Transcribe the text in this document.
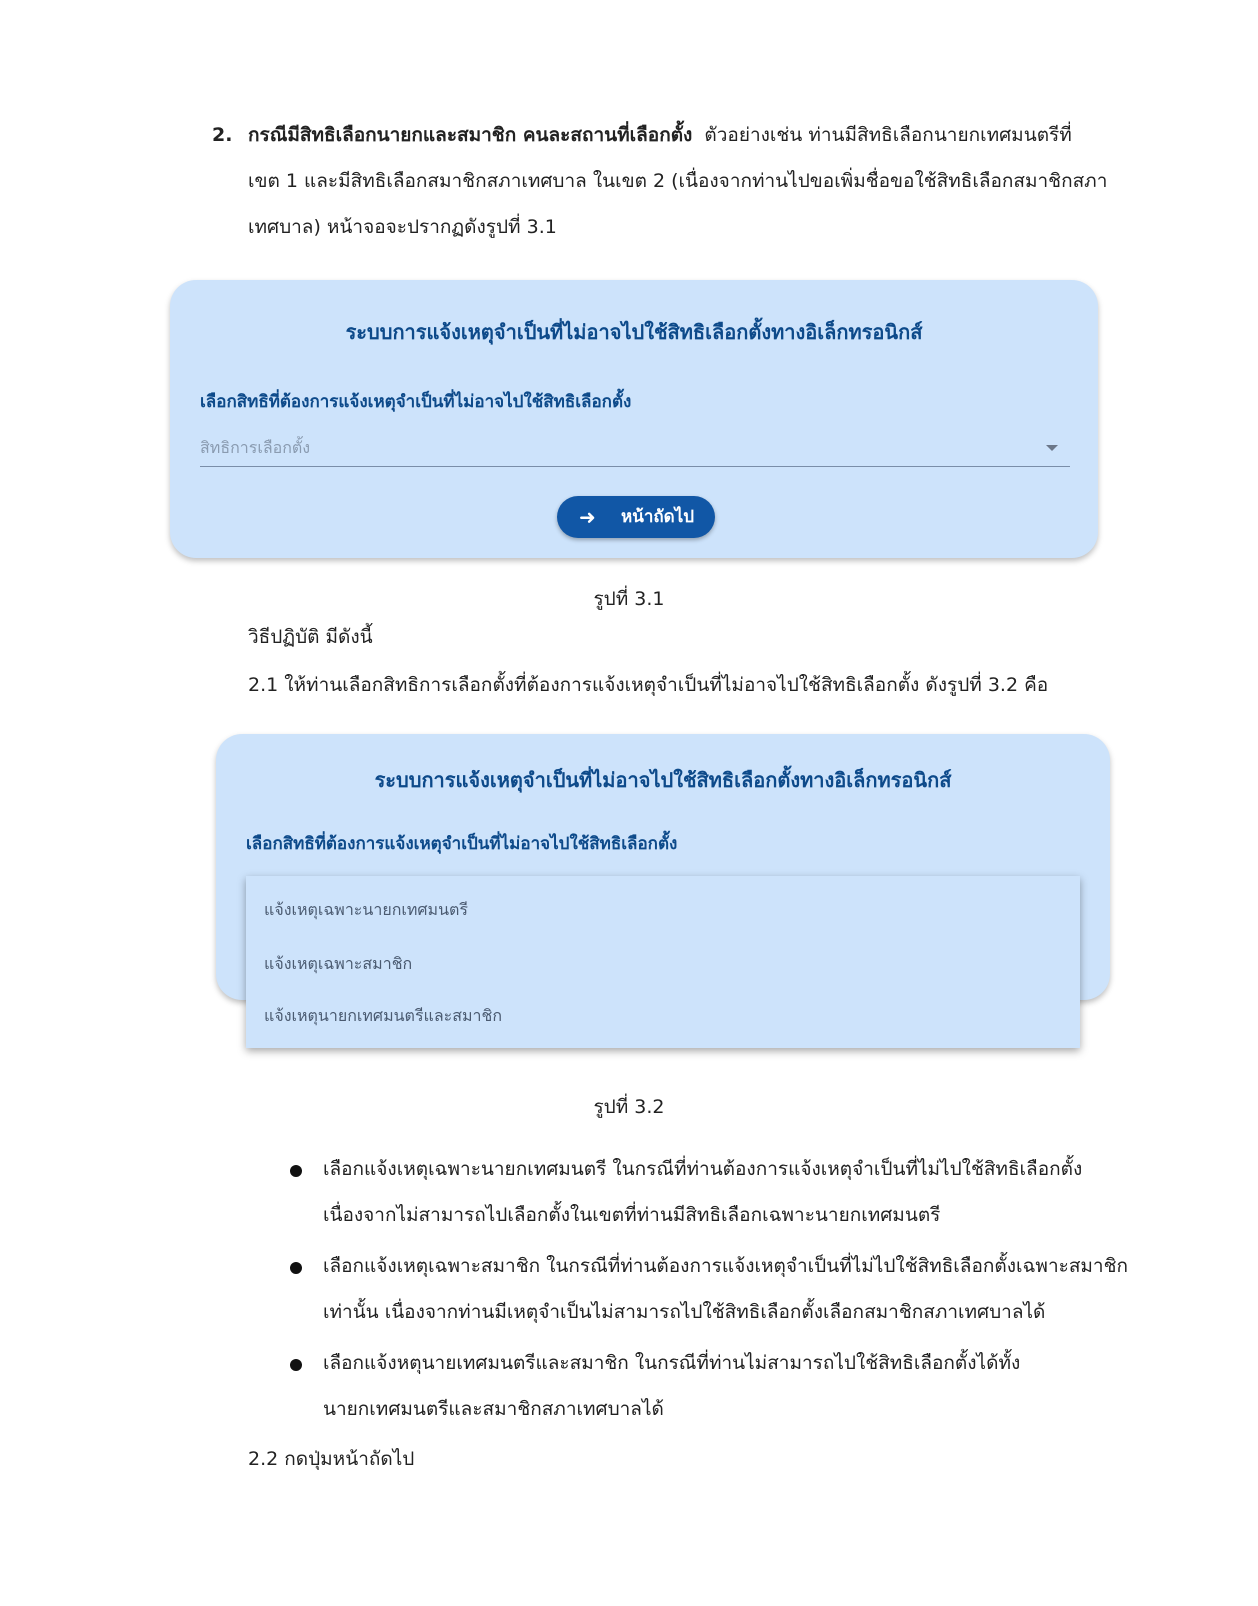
2. กรณีมีสิทธิเลือกนายกและสมาชิก คนละสถานที่เลือกตั้ง ตัวอย่างเช่น ท่านมีสิทธิเลือกนายกเทศมนตรีที่
เขต 1 และมีสิทธิเลือกสมาชิกสภาเทศบาล ในเขต 2 (เนื่องจากท่านไปขอเพิ่มชื่อขอใช้สิทธิเลือกสมาชิกสภา
เทศบาล) หน้าจอจะปรากฏดังรูปที่ 3.1
ระบบการแจ้งเหตุจำเป็นที่ไม่อาจไปใช้สิทธิเลือกตั้งทางอิเล็กทรอนิกส์
เลือกสิทธิที่ต้องการแจ้งเหตุจำเป็นที่ไม่อาจไปใช้สิทธิเลือกตั้ง
สิทธิการเลือกตั้ง
➜ หน้าถัดไป
รูปที่ 3.1
วิธีปฏิบัติ มีดังนี้
2.1 ให้ท่านเลือกสิทธิการเลือกตั้งที่ต้องการแจ้งเหตุจำเป็นที่ไม่อาจไปใช้สิทธิเลือกตั้ง ดังรูปที่ 3.2 คือ
ระบบการแจ้งเหตุจำเป็นที่ไม่อาจไปใช้สิทธิเลือกตั้งทางอิเล็กทรอนิกส์
เลือกสิทธิที่ต้องการแจ้งเหตุจำเป็นที่ไม่อาจไปใช้สิทธิเลือกตั้ง
แจ้งเหตุเฉพาะนายกเทศมนตรี
แจ้งเหตุเฉพาะสมาชิก
แจ้งเหตุนายกเทศมนตรีและสมาชิก
รูปที่ 3.2
เลือกแจ้งเหตุเฉพาะนายกเทศมนตรี ในกรณีที่ท่านต้องการแจ้งเหตุจำเป็นที่ไม่ไปใช้สิทธิเลือกตั้ง
เนื่องจากไม่สามารถไปเลือกตั้งในเขตที่ท่านมีสิทธิเลือกเฉพาะนายกเทศมนตรี
เลือกแจ้งเหตุเฉพาะสมาชิก ในกรณีที่ท่านต้องการแจ้งเหตุจำเป็นที่ไม่ไปใช้สิทธิเลือกตั้งเฉพาะสมาชิก
เท่านั้น เนื่องจากท่านมีเหตุจำเป็นไม่สามารถไปใช้สิทธิเลือกตั้งเลือกสมาชิกสภาเทศบาลได้
เลือกแจ้งหตุนายเทศมนตรีและสมาชิก ในกรณีที่ท่านไม่สามารถไปใช้สิทธิเลือกตั้งได้ทั้ง
นายกเทศมนตรีและสมาชิกสภาเทศบาลได้
2.2 กดปุ่มหน้าถัดไป
